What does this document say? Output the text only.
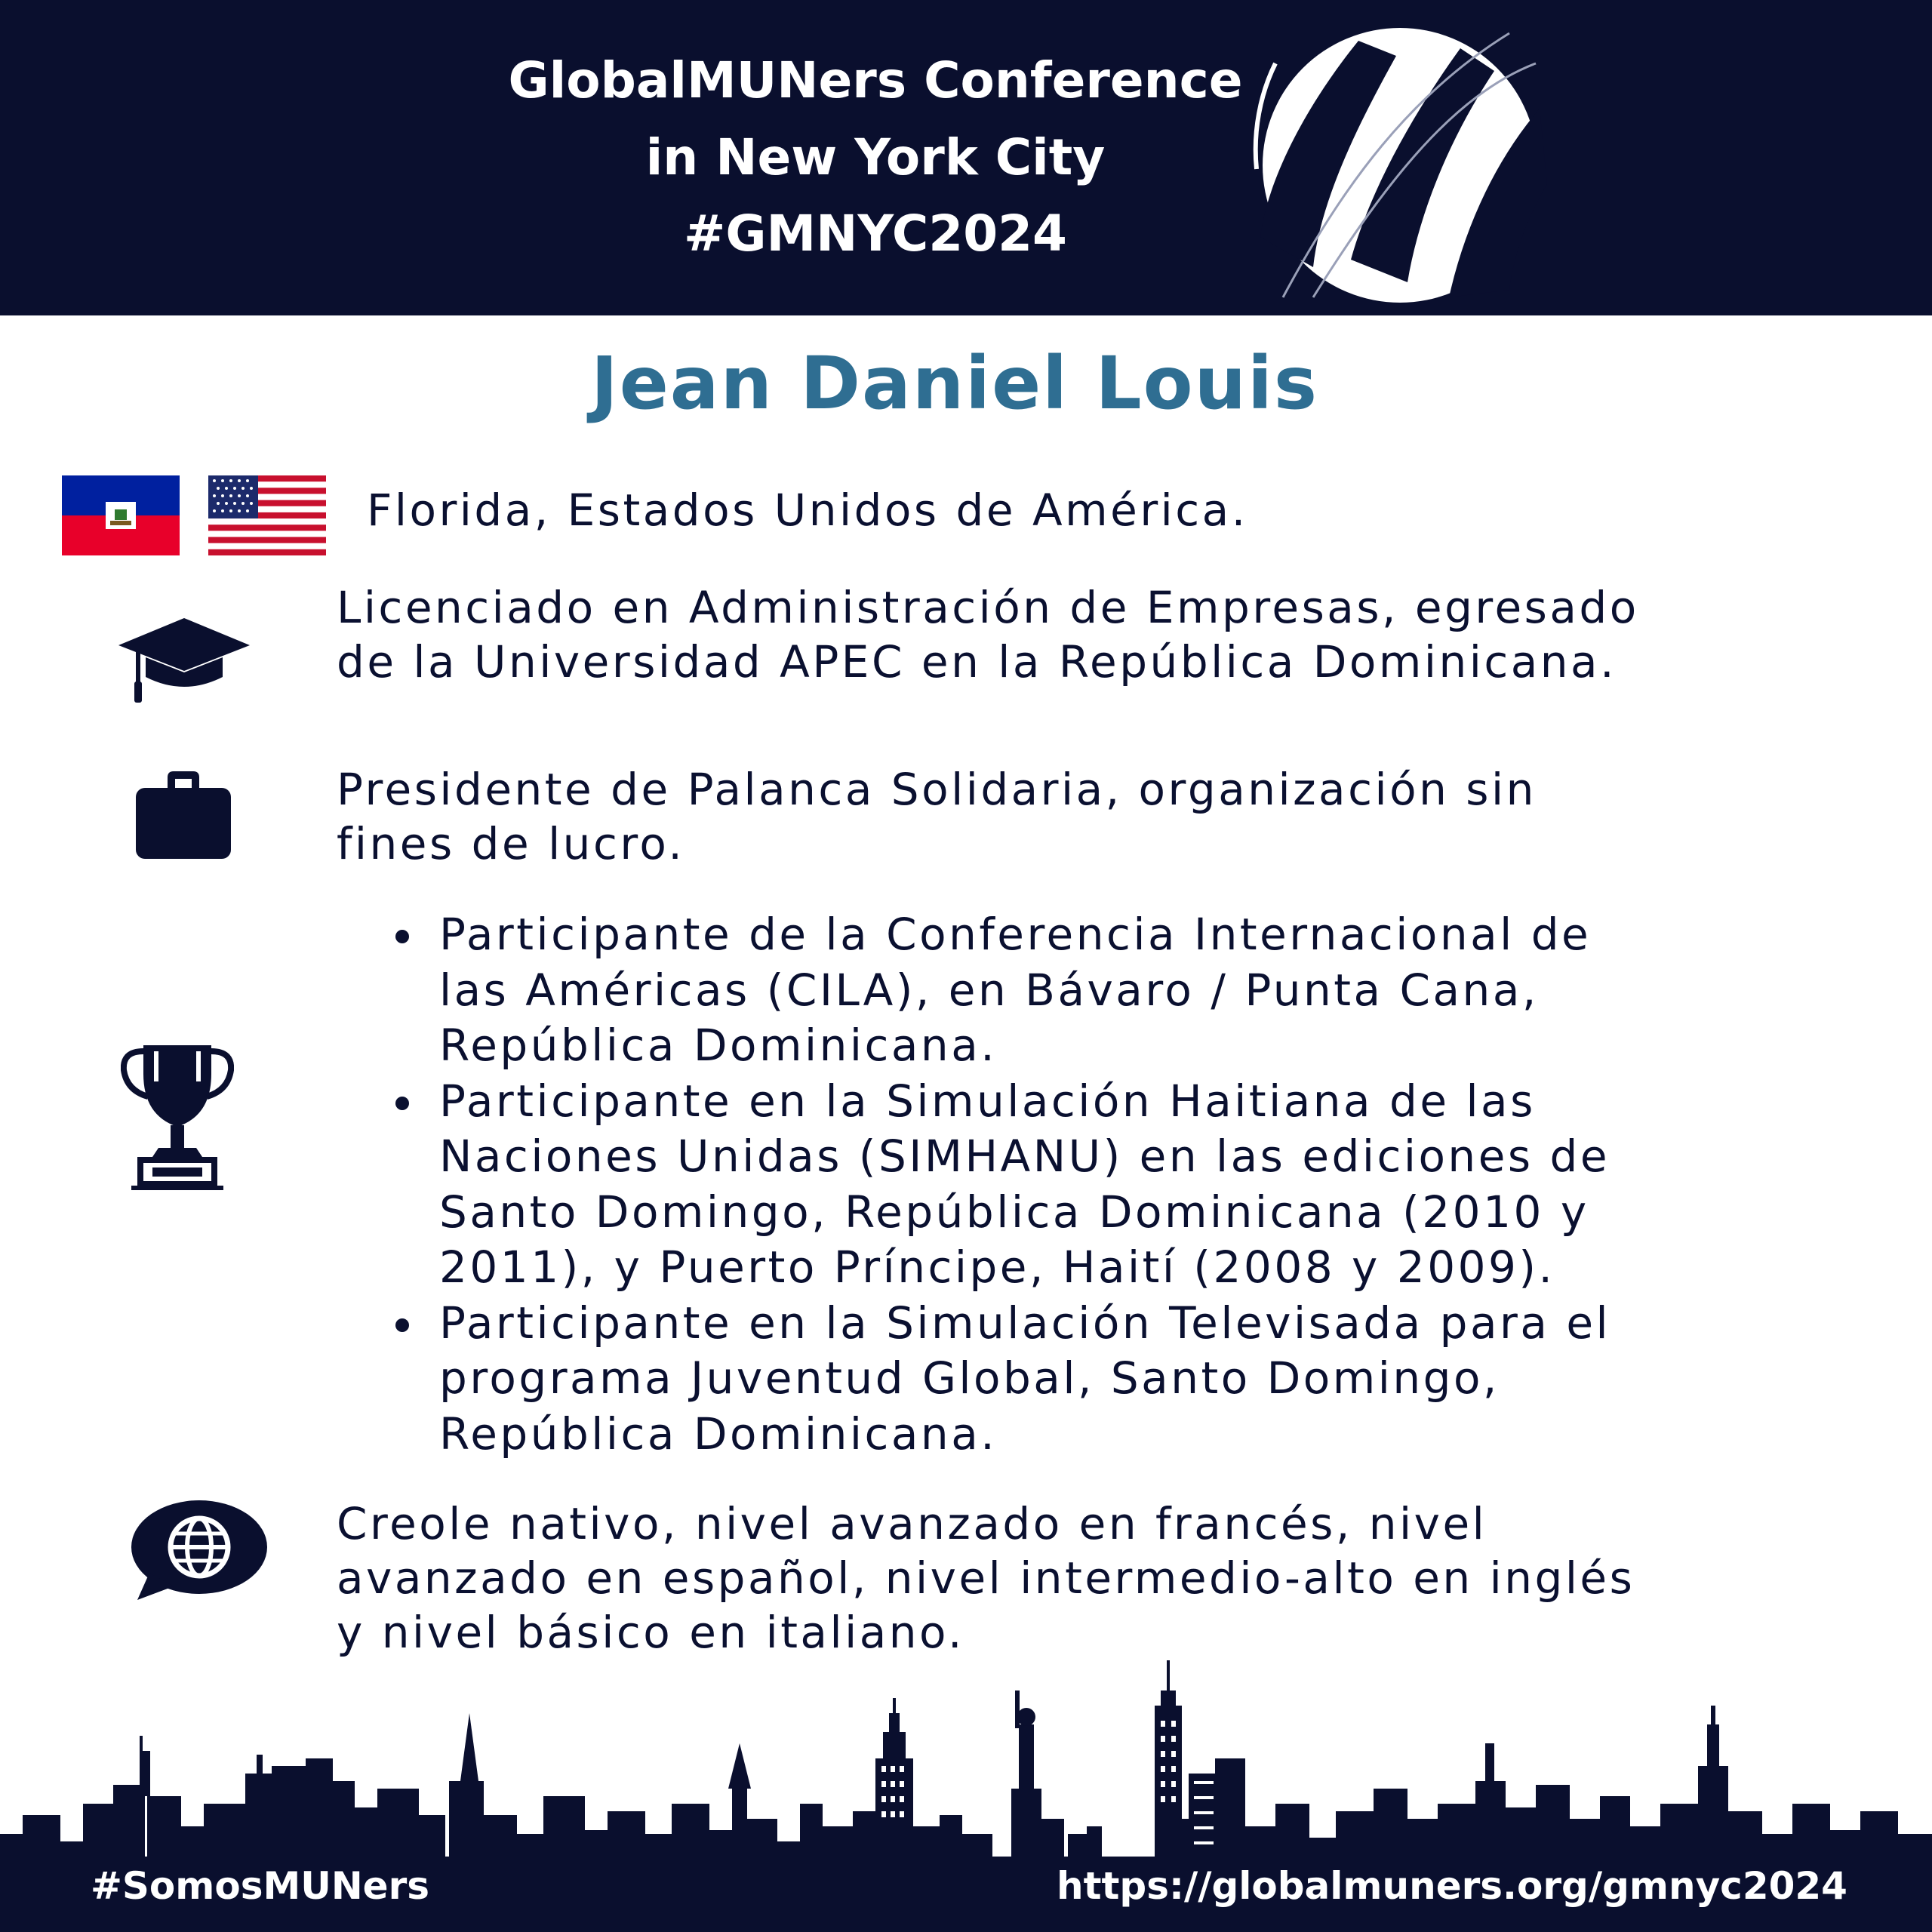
GlobalMUNers Conference
in New York City
#GMNYC2024
Jean Daniel Louis
Florida, Estados Unidos de América.
Licenciado en Administración de Empresas, egresado
de la Universidad APEC en la República Dominicana.
Presidente de Palanca Solidaria, organización sin
fines de lucro.
Participante de la Conferencia Internacional de
las Américas (CILA), en Bávaro / Punta Cana,
República Dominicana.
Participante en la Simulación Haitiana de las
Naciones Unidas (SIMHANU) en las ediciones de
Santo Domingo, República Dominicana (2010 y
2011), y Puerto Príncipe, Haití (2008 y 2009).
Participante en la Simulación Televisada para el
programa Juventud Global, Santo Domingo,
República Dominicana.
Creole nativo, nivel avanzado en francés, nivel
avanzado en español, nivel intermedio-alto en inglés
y nivel básico en italiano.
#SomosMUNers	https://globalmuners.org/gmnyc2024
